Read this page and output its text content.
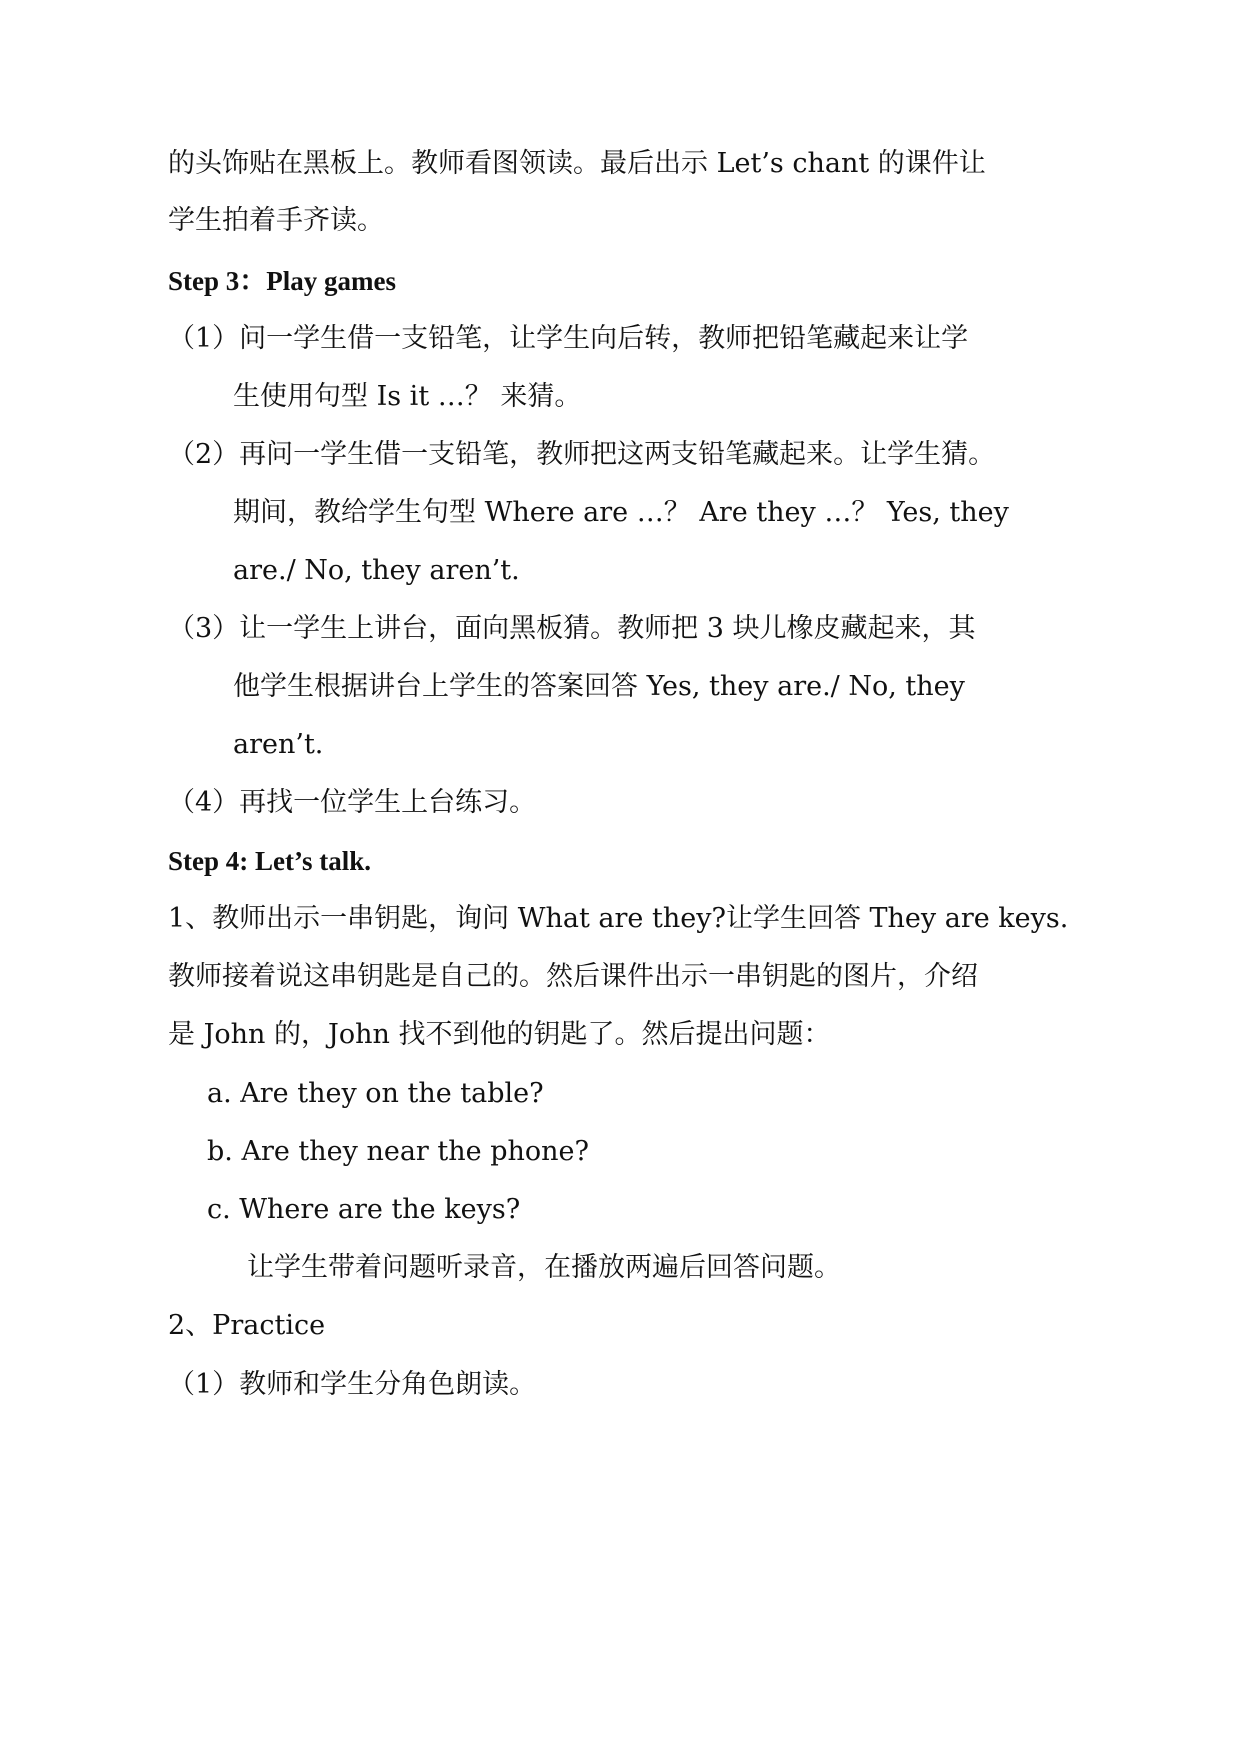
的头饰贴在黑板上。教师看图领读。最后出示 Let’s chant 的课件让
学生拍着手齐读。
Step 3：Play games
（1）问一学生借一支铅笔，让学生向后转，教师把铅笔藏起来让学
生使用句型 Is it …？ 来猜。
（2）再问一学生借一支铅笔，教师把这两支铅笔藏起来。让学生猜。
期间，教给学生句型 Where are …？ Are they …？ Yes, they
are./ No, they aren’t.
（3）让一学生上讲台，面向黑板猜。教师把 3 块儿橡皮藏起来，其
他学生根据讲台上学生的答案回答 Yes, they are./ No, they
aren’t.
（4）再找一位学生上台练习。
Step 4: Let’s talk.
1、教师出示一串钥匙，询问 What are they?让学生回答 They are keys.
教师接着说这串钥匙是自己的。然后课件出示一串钥匙的图片，介绍
是 John 的，John 找不到他的钥匙了。然后提出问题：
a. Are they on the table?
b. Are they near the phone?
c. Where are the keys?
让学生带着问题听录音，在播放两遍后回答问题。
2、Practice
（1）教师和学生分角色朗读。
